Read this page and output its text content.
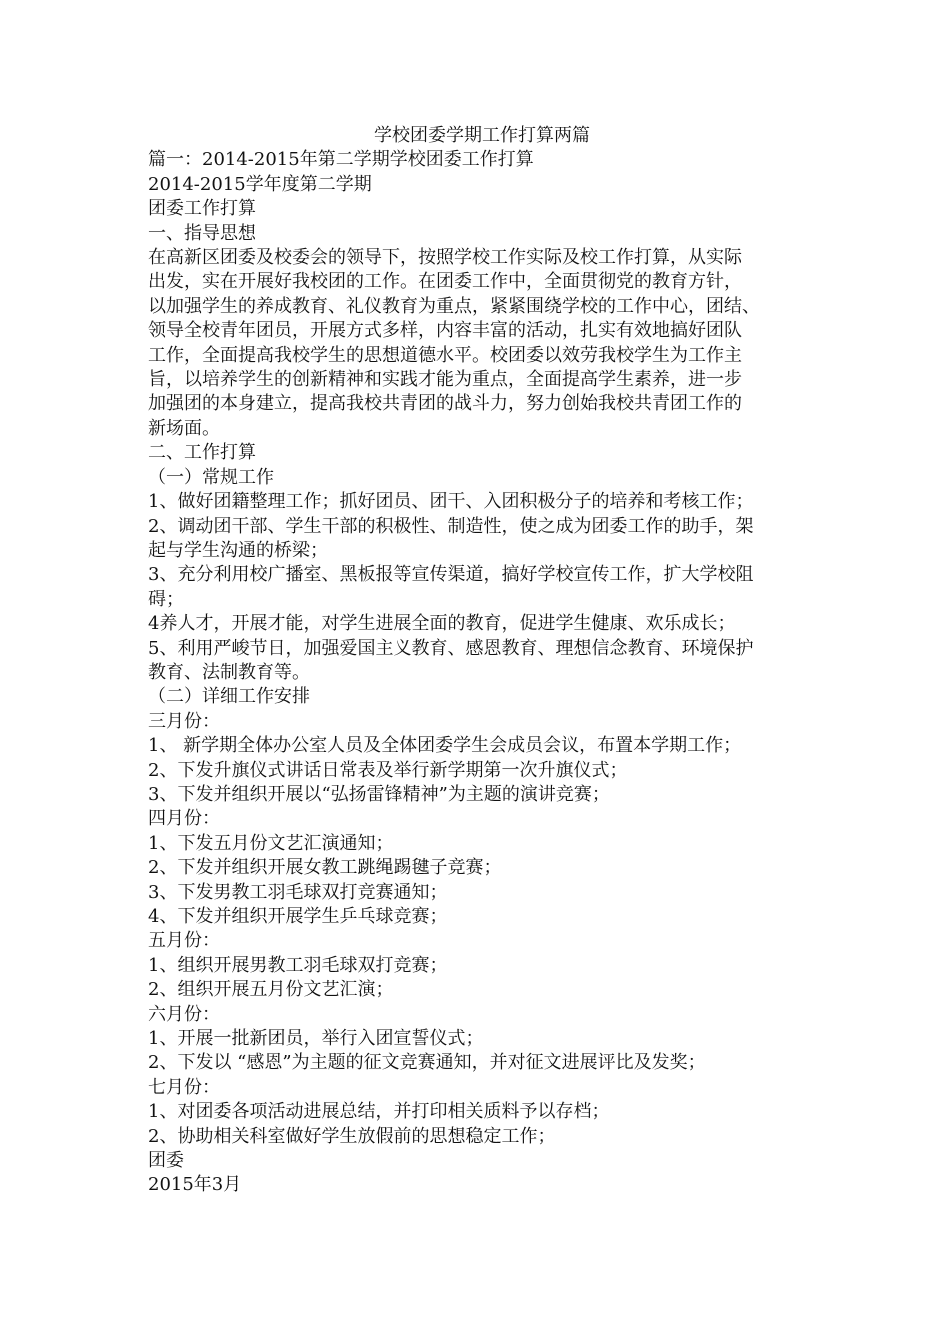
学校团委学期工作打算两篇

篇一：2014-2015年第二学期学校团委工作打算

2014-2015学年度第二学期

团委工作打算

一、指导思想

在高新区团委及校委会的领导下，按照学校工作实际及校工作打算，从实际

出发，实在开展好我校团的工作。在团委工作中，全面贯彻党的教育方针，

以加强学生的养成教育、礼仪教育为重点，紧紧围绕学校的工作中心，团结、

领导全校青年团员，开展方式多样，内容丰富的活动，扎实有效地搞好团队

工作，全面提高我校学生的思想道德水平。校团委以效劳我校学生为工作主

旨，以培养学生的创新精神和实践才能为重点，全面提高学生素养，进一步

加强团的本身建立，提高我校共青团的战斗力，努力创始我校共青团工作的

新场面。

二、工作打算

（一）常规工作

1、做好团籍整理工作；抓好团员、团干、入团积极分子的培养和考核工作；

2、调动团干部、学生干部的积极性、制造性，使之成为团委工作的助手，架

起与学生沟通的桥梁；

3、充分利用校广播室、黑板报等宣传渠道，搞好学校宣传工作，扩大学校阻

碍；

4养人才，开展才能，对学生进展全面的教育，促进学生健康、欢乐成长；

5、利用严峻节日，加强爱国主义教育、感恩教育、理想信念教育、环境保护

教育、法制教育等。

（二）详细工作安排

三月份：

1、 新学期全体办公室人员及全体团委学生会成员会议，布置本学期工作；

2、下发升旗仪式讲话日常表及举行新学期第一次升旗仪式；

3、下发并组织开展以“弘扬雷锋精神”为主题的演讲竞赛；

四月份：

1、下发五月份文艺汇演通知；

2、下发并组织开展女教工跳绳踢毽子竞赛；

3、下发男教工羽毛球双打竞赛通知；

4、下发并组织开展学生乒乓球竞赛；

五月份：

1、组织开展男教工羽毛球双打竞赛；

2、组织开展五月份文艺汇演；

六月份：

1、开展一批新团员，举行入团宣誓仪式；

2、下发以 “感恩”为主题的征文竞赛通知，并对征文进展评比及发奖；

七月份：

1、对团委各项活动进展总结，并打印相关质料予以存档；

2、协助相关科室做好学生放假前的思想稳定工作；

团委

2015年3月
